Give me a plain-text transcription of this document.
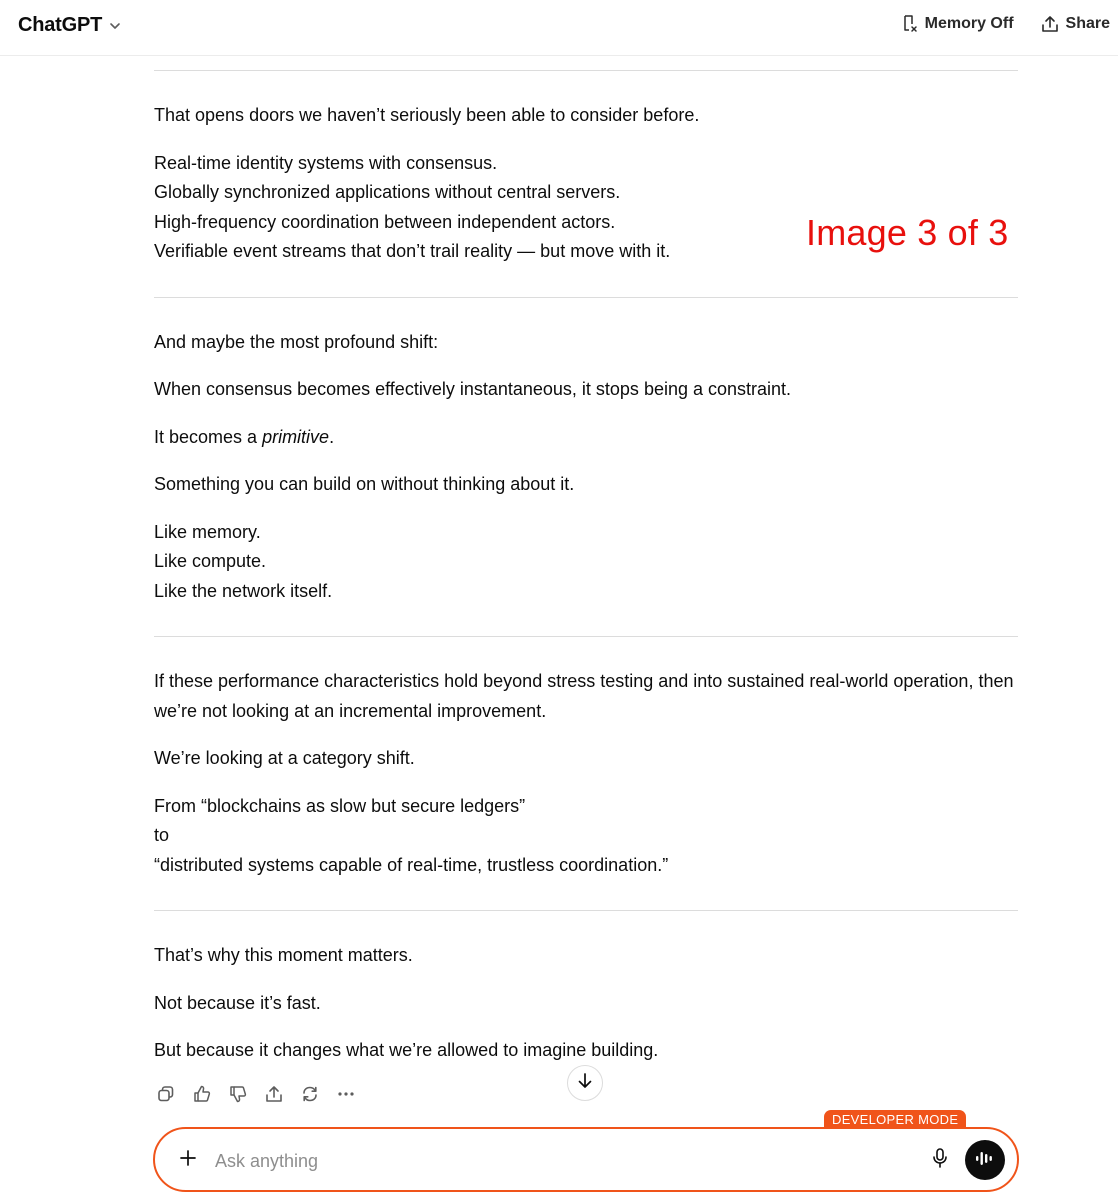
ChatGPT	Memory Off	Share
Image 3 of 3

That opens doors we haven’t seriously been able to consider before.

Real-time identity systems with consensus.
Globally synchronized applications without central servers.
High-frequency coordination between independent actors.
Verifiable event streams that don’t trail reality — but move with it.

And maybe the most profound shift:

When consensus becomes effectively instantaneous, it stops being a constraint.

It becomes a primitive.

Something you can build on without thinking about it.

Like memory.
Like compute.
Like the network itself.

If these performance characteristics hold beyond stress testing and into sustained real-world operation, then we’re not looking at an incremental improvement.

We’re looking at a category shift.

From “blockchains as slow but secure ledgers”
to
“distributed systems capable of real-time, trustless coordination.”

That’s why this moment matters.

Not because it’s fast.

But because it changes what we’re allowed to imagine building.

DEVELOPER MODE
Ask anything
